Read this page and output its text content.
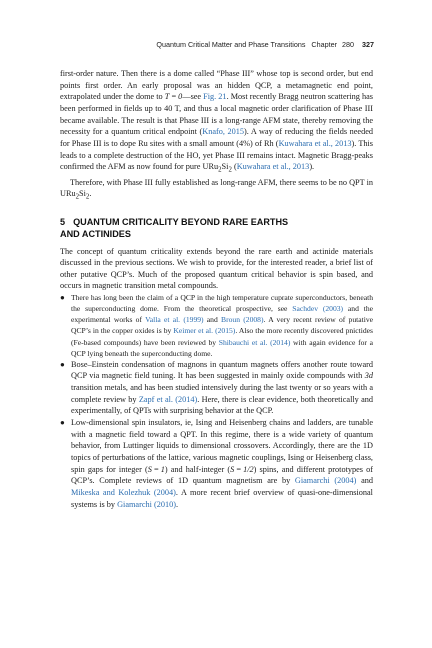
Quantum Critical Matter and Phase Transitions Chapter 280 327

first-order nature. Then there is a dome called “Phase III” whose top is second order, but end points first order. An early proposal was an hidden QCP, a metamagnetic end point, extrapolated under the dome to T = 0—see Fig. 21. Most recently Bragg neutron scattering has been performed in fields up to 40 T, and thus a local magnetic order clarification of Phase III became available. The result is that Phase III is a long-range AFM state, thereby removing the necessity for a quantum critical endpoint (Knafo, 2015). A way of reducing the fields needed for Phase III is to dope Ru sites with a small amount (4%) of Rh (Kuwahara et al., 2013). This leads to a complete destruction of the HO, yet Phase III remains intact. Magnetic Bragg-peaks confirmed the AFM as now found for pure $URu_2Si_2$ (Kuwahara et al., 2013).

Therefore, with Phase III fully established as long-range AFM, there seems to be no QPT in $URu_2Si_2$.

5 QUANTUM CRITICALITY BEYOND RARE EARTHS
AND ACTINIDES

The concept of quantum criticality extends beyond the rare earth and actinide materials discussed in the previous sections. We wish to provide, for the interested reader, a brief list of other putative QCP’s. Much of the proposed quantum critical behavior is spin based, and occurs in magnetic transition metal compounds.

● There has long been the claim of a QCP in the high temperature cuprate superconductors, beneath the superconducting dome. From the theoretical prospective, see Sachdev (2003) and the experimental works of Valla et al. (1999) and Broun (2008). A very recent review of putative QCP’s in the copper oxides is by Keimer et al. (2015). Also the more recently discovered pnictides (Fe-based compounds) have been reviewed by Shibauchi et al. (2014) with again evidence for a QCP lying beneath the superconducting dome.
● Bose–Einstein condensation of magnons in quantum magnets offers another route toward QCP via magnetic field tuning. It has been suggested in mainly oxide compounds with 3d transition metals, and has been studied intensively during the last twenty or so years with a complete review by Zapf et al. (2014). Here, there is clear evidence, both theoretically and experimentally, of QPTs with surprising behavior at the QCP.
● Low-dimensional spin insulators, ie, Ising and Heisenberg chains and ladders, are tunable with a magnetic field toward a QPT. In this regime, there is a wide variety of quantum behavior, from Luttinger liquids to dimensional crossovers. Accordingly, there are the 1D topics of perturbations of the lattice, various magnetic couplings, Ising or Heisenberg class, spin gaps for integer (S = 1) and half-integer (S = 1/2) spins, and different prototypes of QCP’s. Complete reviews of 1D quantum magnetism are by Giamarchi (2004) and Mikeska and Kolezhuk (2004). A more recent brief overview of quasi-one-dimensional systems is by Giamarchi (2010).
